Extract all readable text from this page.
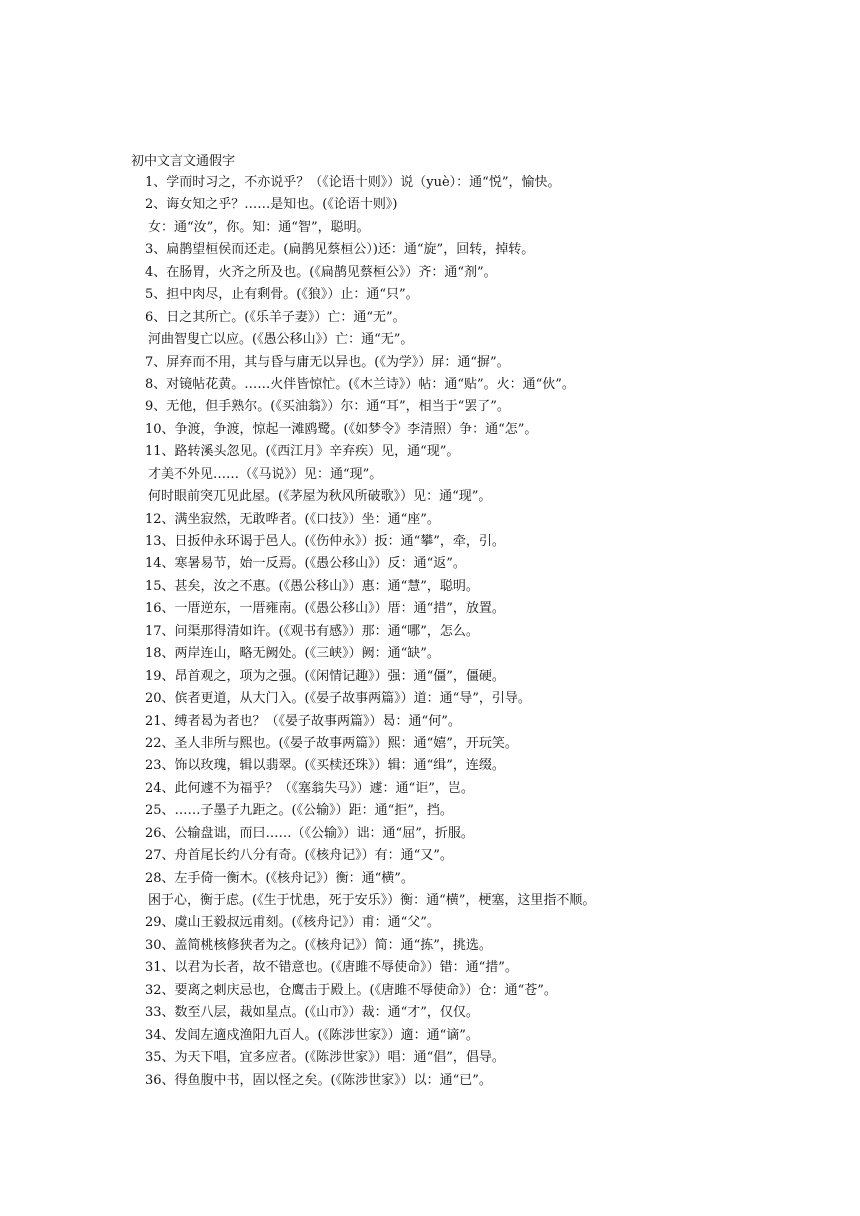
初中文言文通假字
1、学而时习之，不亦说乎？（《论语十则》）说（yuè）：通“悦”，愉快。
2、诲女知之乎？……是知也。(《论语十则》)
女：通“汝”，你。知：通“智”，聪明。
3、扁鹊望桓侯而还走。(扁鹊见蔡桓公）)还：通“旋”，回转，掉转。
4、在肠胃，火齐之所及也。(《扁鹊见蔡桓公》）齐：通“剂”。
5、担中肉尽，止有剩骨。(《狼》）止：通“只”。
6、日之其所亡。(《乐羊子妻》）亡：通“无”。
河曲智叟亡以应。(《愚公移山》）亡：通“无”。
7、屏弃而不用，其与昏与庸无以异也。(《为学》）屏：通“摒”。
8、对镜帖花黄。……火伴皆惊忙。(《木兰诗》）帖：通“贴”。火：通“伙”。
9、无他，但手熟尔。(《买油翁》）尔：通“耳”，相当于“罢了”。
10、争渡，争渡，惊起一滩鸥鹭。(《如梦令》李清照）争：通“怎”。
11、路转溪头忽见。(《西江月》辛弃疾）见，通“现”。
才美不外见……（《马说》）见：通“现”。
何时眼前突兀见此屋。(《茅屋为秋风所破歌》）见：通“现”。
12、满坐寂然，无敢哗者。(《口技》）坐：通“座”。
13、日扳仲永环谒于邑人。(《伤仲永》）扳：通“攀”，牵，引。
14、寒暑易节，始一反焉。(《愚公移山》）反：通“返”。
15、甚矣，汝之不惠。(《愚公移山》）惠：通“慧”，聪明。
16、一厝逆东，一厝雍南。(《愚公移山》）厝：通“措”，放置。
17、问渠那得清如许。(《观书有感》）那：通“哪”，怎么。
18、两岸连山，略无阙处。(《三峡》）阙：通“缺”。
19、昂首观之，项为之强。(《闲情记趣》）强：通“僵”，僵硬。
20、傧者更道，从大门入。(《晏子故事两篇》）道：通“导”，引导。
21、缚者曷为者也？（《晏子故事两篇》）曷：通“何”。
22、圣人非所与熙也。(《晏子故事两篇》）熙：通“嬉”，开玩笑。
23、饰以玫瑰，辑以翡翠。(《买椟还珠》）辑：通“缉”，连缀。
24、此何遽不为福乎？（《塞翁失马》）遽：通“讵”，岂。
25、……子墨子九距之。(《公输》）距：通“拒”，挡。
26、公输盘诎，而曰……（《公输》）诎：通“屈”，折服。
27、舟首尾长约八分有奇。(《核舟记》）有：通“又”。
28、左手倚一衡木。(《核舟记》）衡：通“横”。
困于心，衡于虑。(《生于忧患，死于安乐》）衡：通“横”，梗塞，这里指不顺。
29、虞山王毅叔远甫刻。(《核舟记》）甫：通“父”。
30、盖简桃核修狭者为之。(《核舟记》）简：通“拣”，挑选。
31、以君为长者，故不错意也。(《唐雎不辱使命》）错：通“措”。
32、要离之刺庆忌也，仓鹰击于殿上。(《唐雎不辱使命》）仓：通“苍”。
33、数至八层，裁如星点。(《山市》）裁：通“才”，仅仅。
34、发闾左適戍渔阳九百人。(《陈涉世家》）適：通“谪”。
35、为天下唱，宜多应者。(《陈涉世家》）唱：通“倡”，倡导。
36、得鱼腹中书，固以怪之矣。(《陈涉世家》）以：通“已”。
